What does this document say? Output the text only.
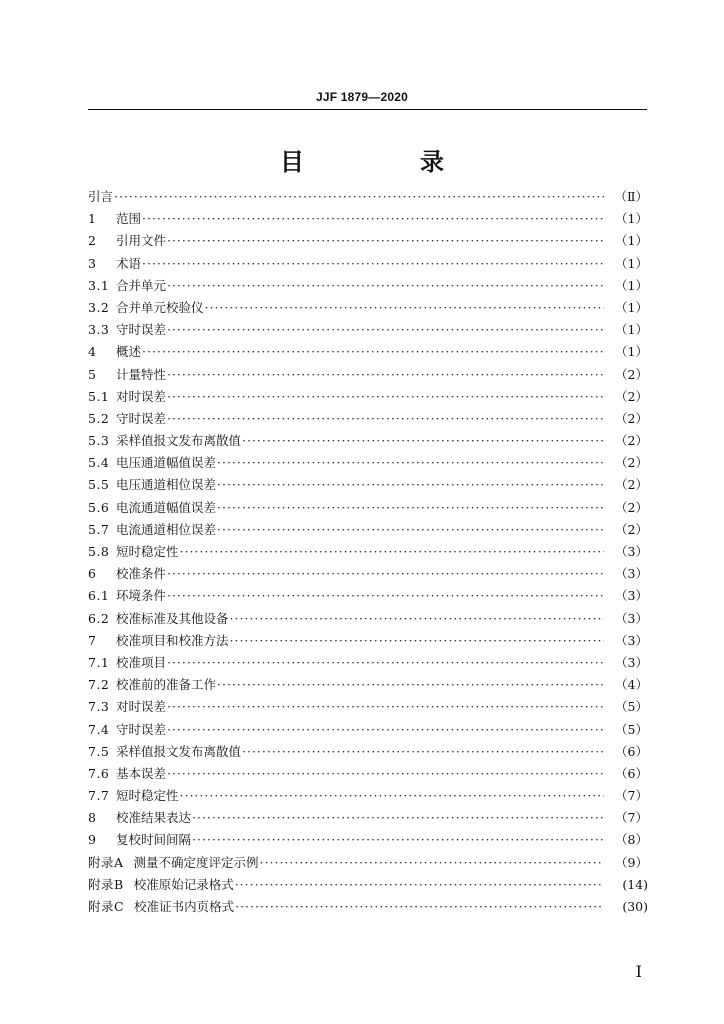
JJF 1879—2020
目　录
引言 ·····	（Ⅱ）
1	范围 ·····	（1）
2	引用文件 ·····	（1）
3	术语 ·····	（1）
3.1 合并单元 ·····	（1）
3.2 合并单元校验仪 ·····	（1）
3.3 守时误差 ·····	（1）
4	概述 ·····	（1）
5	计量特性 ·····	（2）
5.1 对时误差 ·····	（2）
5.2 守时误差 ·····	（2）
5.3 采样值报文发布离散值 ·····	（2）
5.4 电压通道幅值误差 ·····	（2）
5.5 电压通道相位误差 ·····	（2）
5.6 电流通道幅值误差 ·····	（2）
5.7 电流通道相位误差 ·····	（2）
5.8 短时稳定性 ·····	（3）
6	校准条件 ·····	（3）
6.1 环境条件 ·····	（3）
6.2 校准标准及其他设备 ·····	（3）
7	校准项目和校准方法 ·····	（3）
7.1 校准项目 ·····	（3）
7.2 校准前的准备工作 ·····	（4）
7.3 对时误差 ·····	（5）
7.4 守时误差 ·····	（5）
7.5 采样值报文发布离散值 ·····	（6）
7.6 基本误差 ·····	（6）
7.7 短时稳定性 ·····	（7）
8	校准结果表达 ·····	（7）
9	复校时间间隔 ·····	（8）
附录A 测量不确定度评定示例 ·····	（9）
附录B 校准原始记录格式 ·····	(14)
附录C 校准证书内页格式 ·····	(30)
I
